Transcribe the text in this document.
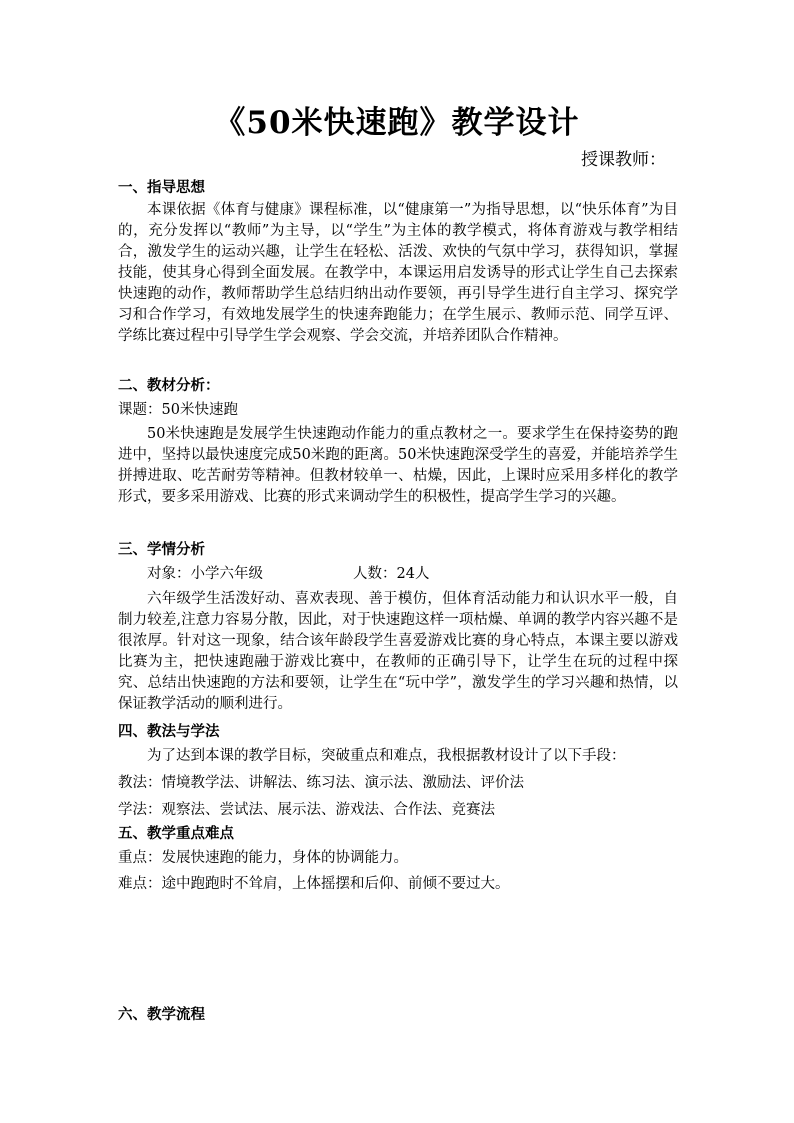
《50米快速跑》教学设计
授课教师：
一、指导思想
本课依据《体育与健康》课程标准，以“健康第一”为指导思想，以“快乐体育”为目的，充分发挥以“教师”为主导，以“学生”为主体的教学模式，将体育游戏与教学相结合，激发学生的运动兴趣，让学生在轻松、活泼、欢快的气氛中学习，获得知识，掌握技能，使其身心得到全面发展。在教学中，本课运用启发诱导的形式让学生自己去探索快速跑的动作，教师帮助学生总结归纳出动作要领，再引导学生进行自主学习、探究学习和合作学习，有效地发展学生的快速奔跑能力；在学生展示、教师示范、同学互评、学练比赛过程中引导学生学会观察、学会交流，并培养团队合作精神。
二、教材分析：
课题：50米快速跑
50米快速跑是发展学生快速跑动作能力的重点教材之一。要求学生在保持姿势的跑进中，坚持以最快速度完成50米跑的距离。50米快速跑深受学生的喜爱，并能培养学生拼搏进取、吃苦耐劳等精神。但教材较单一、枯燥，因此，上课时应采用多样化的教学形式，要多采用游戏、比赛的形式来调动学生的积极性，提高学生学习的兴趣。
三、学情分析
对象：小学六年级	人数：24人
六年级学生活泼好动、喜欢表现、善于模仿，但体育活动能力和认识水平一般，自制力较差,注意力容易分散，因此，对于快速跑这样一项枯燥、单调的教学内容兴趣不是很浓厚。针对这一现象，结合该年龄段学生喜爱游戏比赛的身心特点，本课主要以游戏比赛为主，把快速跑融于游戏比赛中，在教师的正确引导下，让学生在玩的过程中探究、总结出快速跑的方法和要领，让学生在“玩中学”，激发学生的学习兴趣和热情，以保证教学活动的顺利进行。
四、教法与学法
为了达到本课的教学目标，突破重点和难点，我根据教材设计了以下手段：
教法：情境教学法、讲解法、练习法、演示法、激励法、评价法
学法：观察法、尝试法、展示法、游戏法、合作法、竞赛法
五、教学重点难点
重点：发展快速跑的能力，身体的协调能力。
难点：途中跑跑时不耸肩，上体摇摆和后仰、前倾不要过大。
六、教学流程
